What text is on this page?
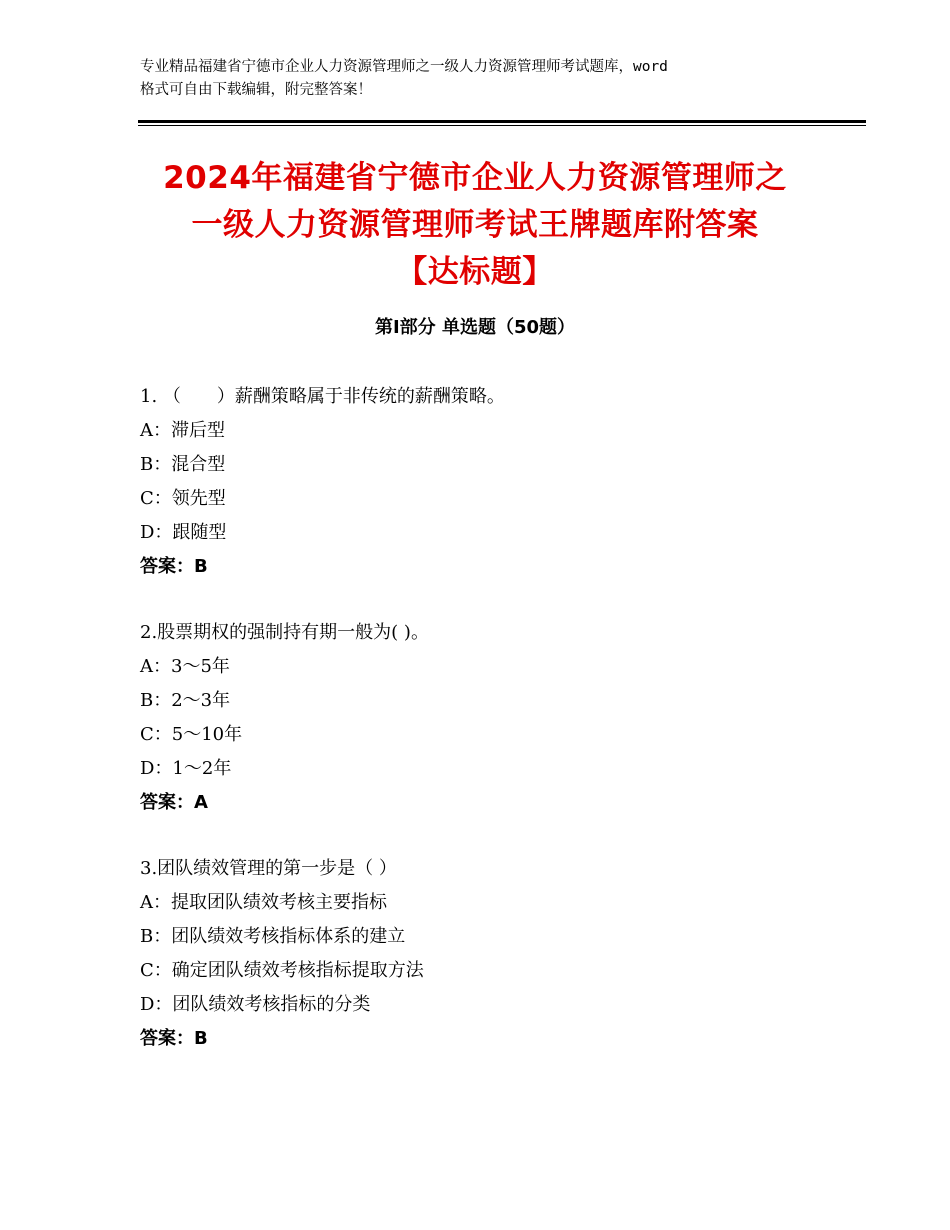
专业精品福建省宁德市企业人力资源管理师之一级人力资源管理师考试题库，word
格式可自由下载编辑，附完整答案！
2024年福建省宁德市企业人力资源管理师之
一级人力资源管理师考试王牌题库附答案
【达标题】
第Ⅰ部分 单选题（50题）
1. （　　）薪酬策略属于非传统的薪酬策略。
A：滞后型
B：混合型
C：领先型
D：跟随型
答案：B
2.股票期权的强制持有期一般为( )。
A：3～5年
B：2～3年
C：5～10年
D：1～2年
答案：A
3.团队绩效管理的第一步是（ ）
A：提取团队绩效考核主要指标
B：团队绩效考核指标体系的建立
C：确定团队绩效考核指标提取方法
D：团队绩效考核指标的分类
答案：B
